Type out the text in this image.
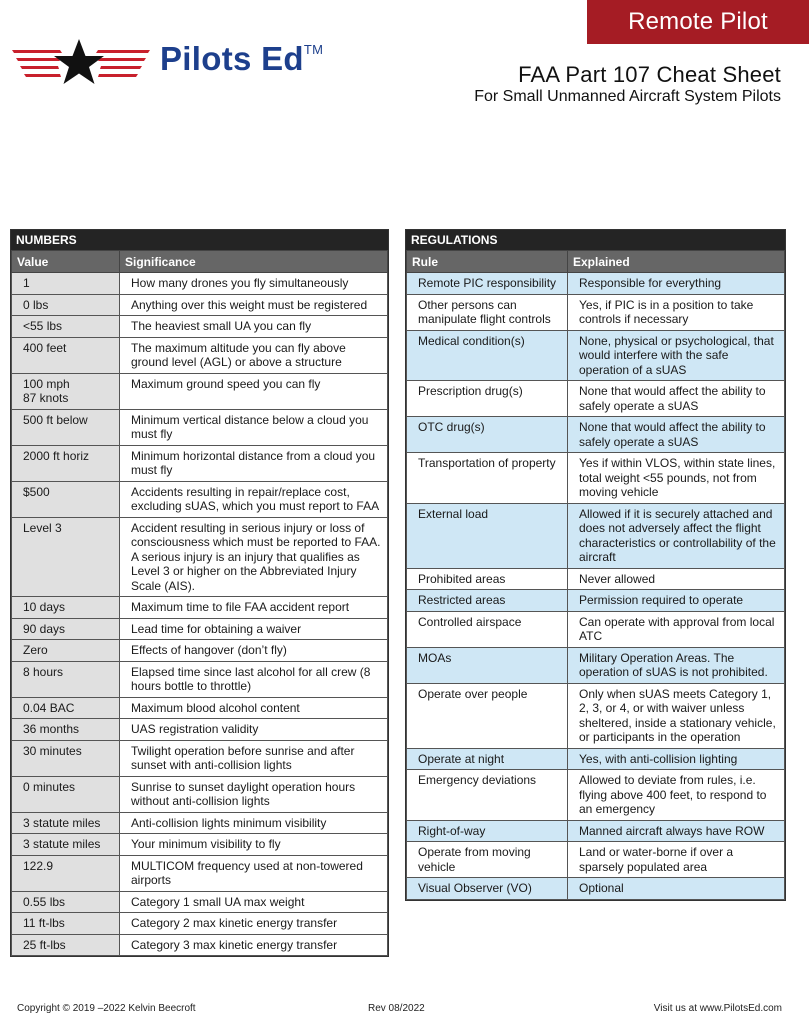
Remote Pilot
Pilots Ed™
FAA Part 107 Cheat Sheet
For Small Unmanned Aircraft System Pilots
NUMBERS
Value	Significance
1	How many drones you fly simultaneously
0 lbs	Anything over this weight must be registered
<55 lbs	The heaviest small UA you can fly
400 feet	The maximum altitude you can fly above ground level (AGL) or above a structure
100 mph
87 knots	Maximum ground speed you can fly
500 ft below	Minimum vertical distance below a cloud you must fly
2000 ft horiz	Minimum horizontal distance from a cloud you must fly
$500	Accidents resulting in repair/replace cost, excluding sUAS, which you must report to FAA
Level 3	Accident resulting in serious injury or loss of consciousness which must be reported to FAA. A serious injury is an injury that qualifies as Level 3 or higher on the Abbreviated Injury Scale (AIS).
10 days	Maximum time to file FAA accident report
90 days	Lead time for obtaining a waiver
Zero	Effects of hangover (don’t fly)
8 hours	Elapsed time since last alcohol for all crew (8 hours bottle to throttle)
0.04 BAC	Maximum blood alcohol content
36 months	UAS registration validity
30 minutes	Twilight operation before sunrise and after sunset with anti-collision lights
0 minutes	Sunrise to sunset daylight operation hours without anti-collision lights
3 statute miles	Anti-collision lights minimum visibility
3 statute miles	Your minimum visibility to fly
122.9	MULTICOM frequency used at non-towered airports
0.55 lbs	Category 1 small UA max weight
11 ft-lbs	Category 2 max kinetic energy transfer
25 ft-lbs	Category 3 max kinetic energy transfer
REGULATIONS
Rule	Explained
Remote PIC responsibility	Responsible for everything
Other persons can manipulate flight controls	Yes, if PIC is in a position to take controls if necessary
Medical condition(s)	None, physical or psychological, that would interfere with the safe operation of a sUAS
Prescription drug(s)	None that would affect the ability to safely operate a sUAS
OTC drug(s)	None that would affect the ability to safely operate a sUAS
Transportation of property	Yes if within VLOS, within state lines, total weight <55 pounds, not from moving vehicle
External load	Allowed if it is securely attached and does not adversely affect the flight characteristics or controllability of the aircraft
Prohibited areas	Never allowed
Restricted areas	Permission required to operate
Controlled airspace	Can operate with approval from local ATC
MOAs	Military Operation Areas. The operation of sUAS is not prohibited.
Operate over people	Only when sUAS meets Category 1, 2, 3, or 4, or with waiver unless sheltered, inside a stationary vehicle, or participants in the operation
Operate at night	Yes, with anti-collision lighting
Emergency deviations	Allowed to deviate from rules, i.e. flying above 400 feet, to respond to an emergency
Right-of-way	Manned aircraft always have ROW
Operate from moving vehicle	Land or water-borne if over a sparsely populated area
Visual Observer (VO)	Optional
Copyright © 2019 –2022 Kelvin Beecroft	Rev 08/2022	Visit us at www.PilotsEd.com
